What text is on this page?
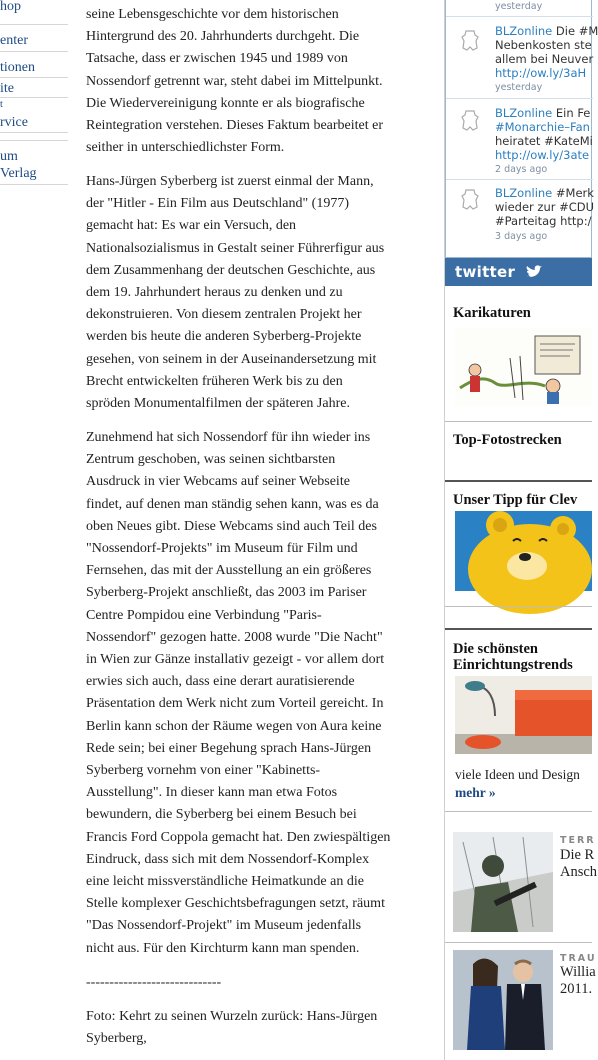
hop
enter
tionen
ite
t
rvice
um
Verlag
seine Lebensgeschichte vor dem historischen
Hintergrund des 20. Jahrhunderts durchgeht. Die
Tatsache, dass er zwischen 1945 und 1989 von
Nossendorf getrennt war, steht dabei im Mittelpunkt.
Die Wiedervereinigung konnte er als biografische
Reintegration verstehen. Dieses Faktum bearbeitet er
seither in unterschiedlichster Form.
Hans-Jürgen Syberberg ist zuerst einmal der Mann,
der "Hitler - Ein Film aus Deutschland" (1977)
gemacht hat: Es war ein Versuch, den
Nationalsozialismus in Gestalt seiner Führerfigur aus
dem Zusammenhang der deutschen Geschichte, aus
dem 19. Jahrhundert heraus zu denken und zu
dekonstruieren. Von diesem zentralen Projekt her
werden bis heute die anderen Syberberg-Projekte
gesehen, von seinem in der Auseinandersetzung mit
Brecht entwickelten früheren Werk bis zu den
spröden Monumentalfilmen der späteren Jahre.
Zunehmend hat sich Nossendorf für ihn wieder ins
Zentrum geschoben, was seinen sichtbarsten
Ausdruck in vier Webcams auf seiner Webseite
findet, auf denen man ständig sehen kann, was es da
oben Neues gibt. Diese Webcams sind auch Teil des
"Nossendorf-Projekts" im Museum für Film und
Fernsehen, das mit der Ausstellung an ein größeres
Syberberg-Projekt anschließt, das 2003 im Pariser
Centre Pompidou eine Verbindung "Paris-
Nossendorf" gezogen hatte. 2008 wurde "Die Nacht"
in Wien zur Gänze installativ gezeigt - vor allem dort
erwies sich auch, dass eine derart auratisierende
Präsentation dem Werk nicht zum Vorteil gereicht. In
Berlin kann schon der Räume wegen von Aura keine
Rede sein; bei einer Begehung sprach Hans-Jürgen
Syberberg vornehm von einer "Kabinetts-
Ausstellung". In dieser kann man etwa Fotos
bewundern, die Syberberg bei einem Besuch bei
Francis Ford Coppola gemacht hat. Den zwiespältigen
Eindruck, dass sich mit dem Nossendorf-Komplex
eine leicht missverständliche Heimatkunde an die
Stelle komplexer Geschichtsbefragungen setzt, räumt
"Das Nossendorf-Projekt" im Museum jedenfalls
nicht aus. Für den Kirchturm kann man spenden.
-----------------------------
Foto: Kehrt zu seinen Wurzeln zurück: Hans-Jürgen
Syberberg,
yesterday
BLZonline Die #M
Nebenkosten ste
allem bei Neuver
http://ow.ly/3aH
yesterday
BLZonline Ein Fe
#Monarchie–Fan
heiratet #KateMi
http://ow.ly/3ate
2 days ago
BLZonline #Merk
wieder zur #CDU
#Parteitag http:/
3 days ago
twitter
Karikaturen
Top-Fotostrecken
Unser Tipp für Clev
Die schönsten
Einrichtungstrends
viele Ideen und Design
mehr »
TERR
Die R
Ansch
TRAU
Willia
2011.
